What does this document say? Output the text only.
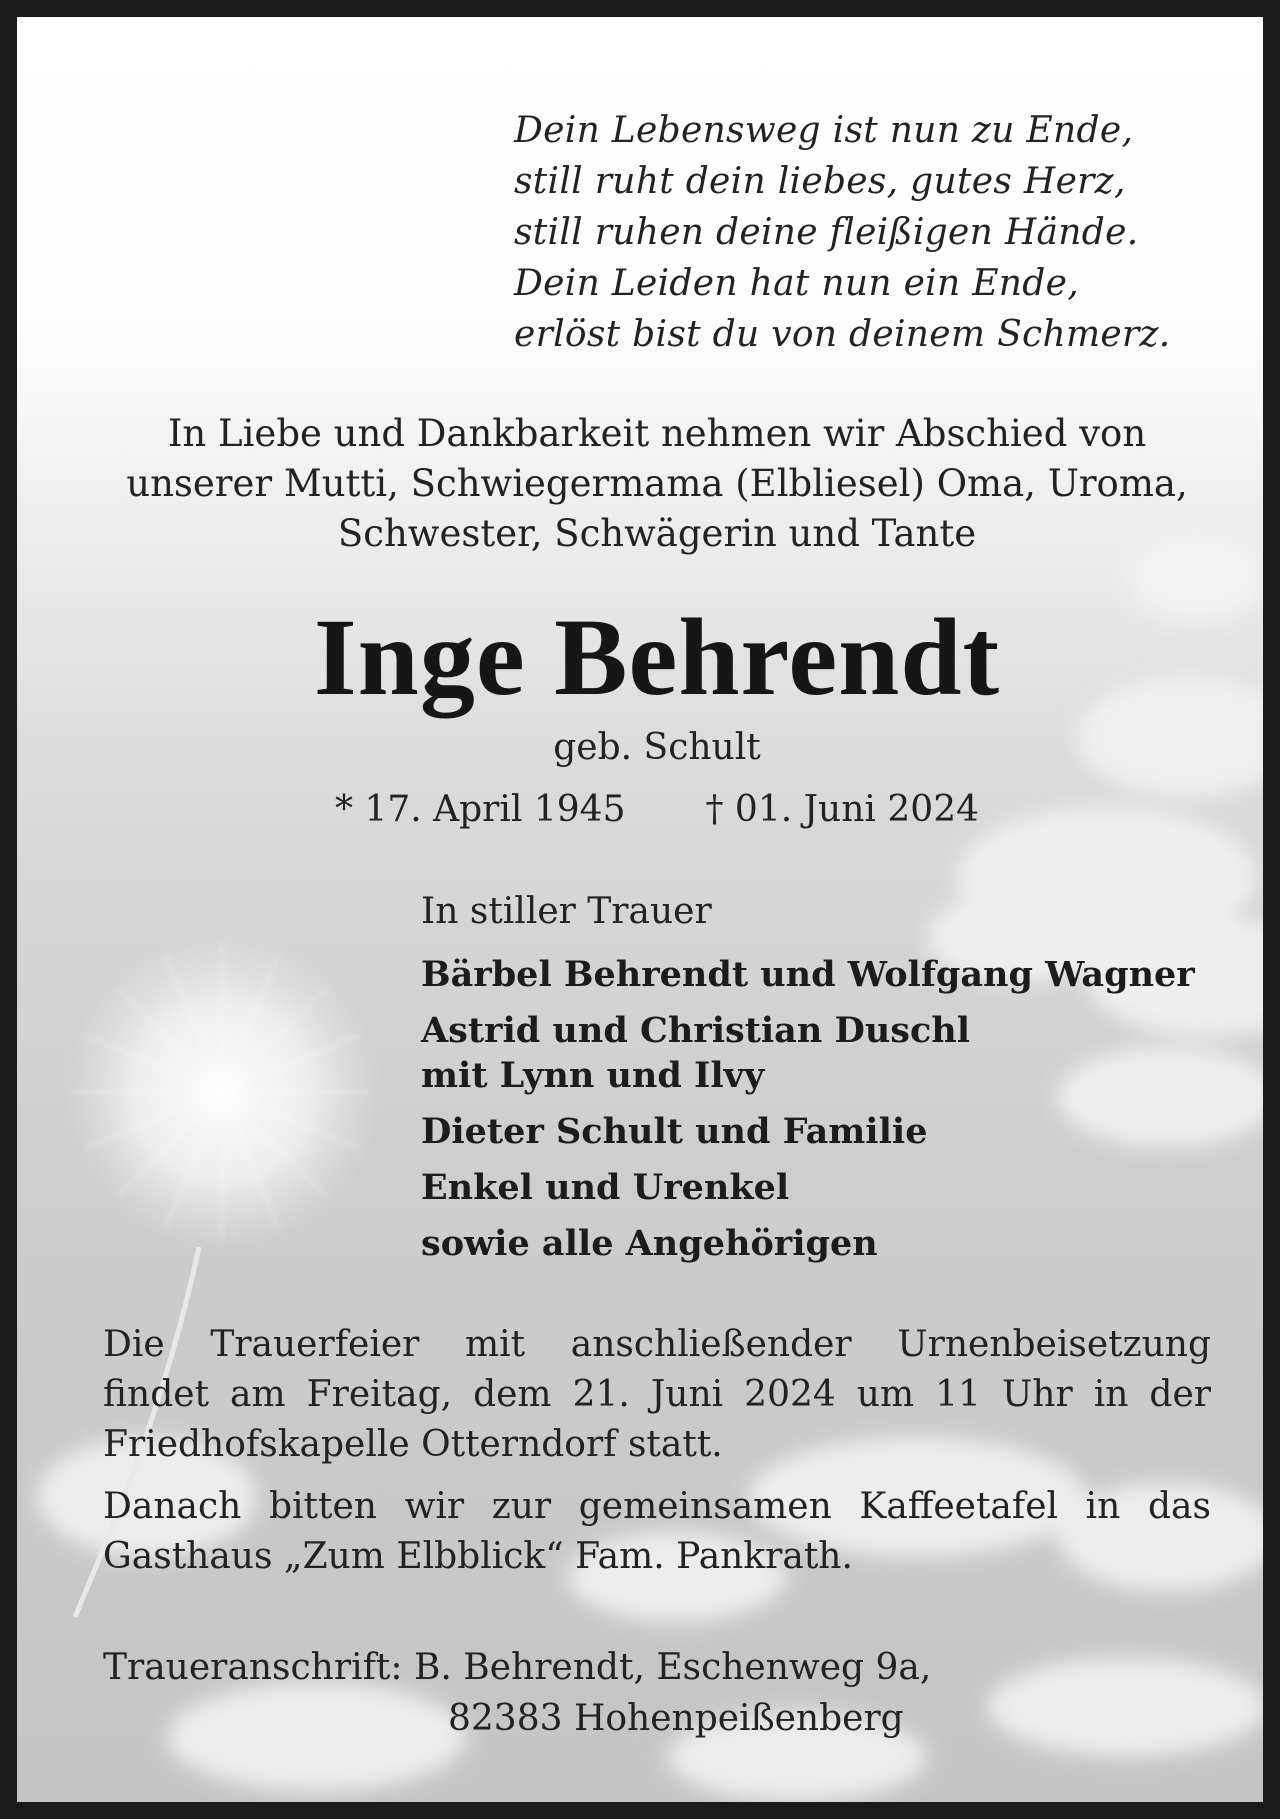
Dein Lebensweg ist nun zu Ende,
still ruht dein liebes, gutes Herz,
still ruhen deine fleißigen Hände.
Dein Leiden hat nun ein Ende,
erlöst bist du von deinem Schmerz.
In Liebe und Dankbarkeit nehmen wir Abschied von
unserer Mutti, Schwiegermama (Elbliesel) Oma, Uroma,
Schwester, Schwägerin und Tante
Inge Behrendt
geb. Schult
* 17. April 1945 † 01. Juni 2024
In stiller Trauer
Bärbel Behrendt und Wolfgang Wagner
Astrid und Christian Duschl
mit Lynn und Ilvy
Dieter Schult und Familie
Enkel und Urenkel
sowie alle Angehörigen

Die Trauerfeier mit anschließender Urnenbeisetzung
findet am Freitag, dem 21. Juni 2024 um 11 Uhr in der
Friedhofskapelle Otterndorf statt.

Danach bitten wir zur gemeinsamen Kaffeetafel in das
Gasthaus „Zum Elbblick“ Fam. Pankrath.

Traueranschrift: B. Behrendt, Eschenweg 9a,
82383 Hohenpeißenberg
